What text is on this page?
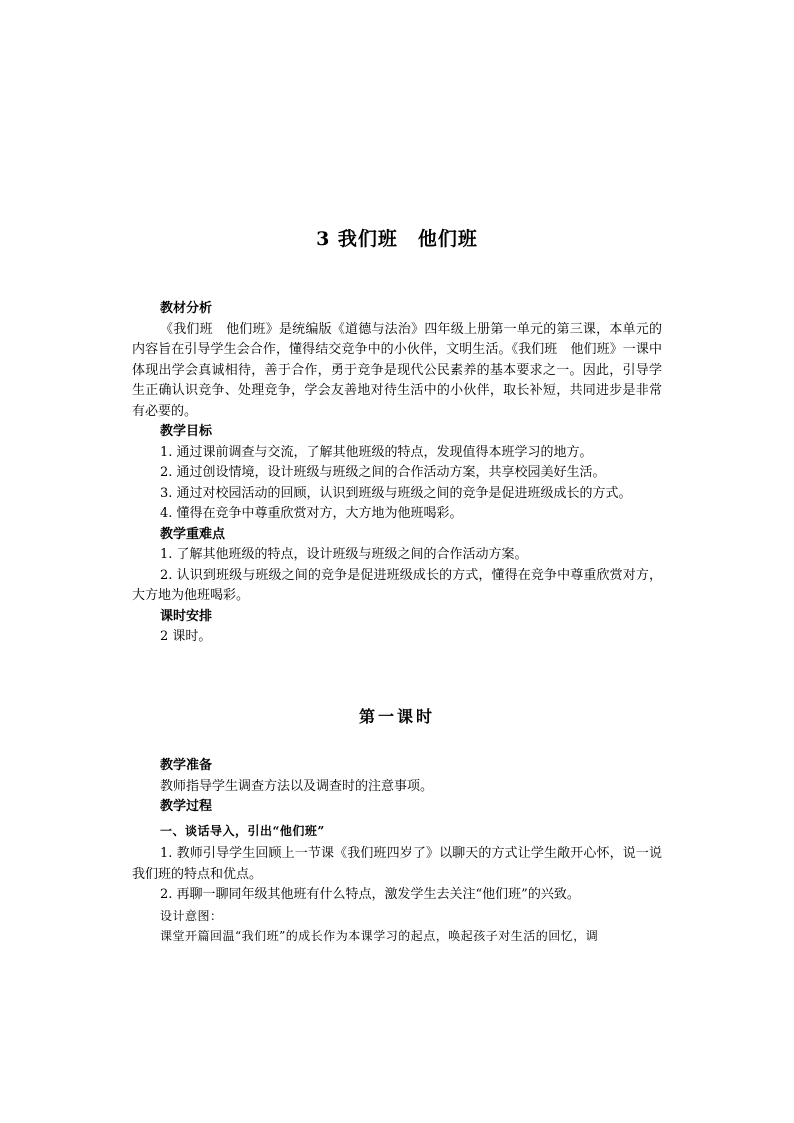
3 我们班　他们班
教材分析
《我们班　他们班》是统编版《道德与法治》四年级上册第一单元的第三课，本单元的内容旨在引导学生会合作，懂得结交竞争中的小伙伴，文明生活。《我们班　他们班》一课中体现出学会真诚相待，善于合作，勇于竞争是现代公民素养的基本要求之一。因此，引导学生正确认识竞争、处理竞争，学会友善地对待生活中的小伙伴，取长补短，共同进步是非常有必要的。
教学目标
1. 通过课前调查与交流，了解其他班级的特点，发现值得本班学习的地方。
2. 通过创设情境，设计班级与班级之间的合作活动方案，共享校园美好生活。
3. 通过对校园活动的回顾，认识到班级与班级之间的竞争是促进班级成长的方式。
4. 懂得在竞争中尊重欣赏对方，大方地为他班喝彩。
教学重难点
1. 了解其他班级的特点，设计班级与班级之间的合作活动方案。
2. 认识到班级与班级之间的竞争是促进班级成长的方式，懂得在竞争中尊重欣赏对方，大方地为他班喝彩。
课时安排
2 课时。
第一课时
教学准备
教师指导学生调查方法以及调查时的注意事项。
教学过程
一、谈话导入，引出“他们班”
1. 教师引导学生回顾上一节课《我们班四岁了》以聊天的方式让学生敞开心怀，说一说我们班的特点和优点。
2. 再聊一聊同年级其他班有什么特点，激发学生去关注“他们班”的兴致。
设计意图：
课堂开篇回温“我们班”的成长作为本课学习的起点，唤起孩子对生活的回忆，调
